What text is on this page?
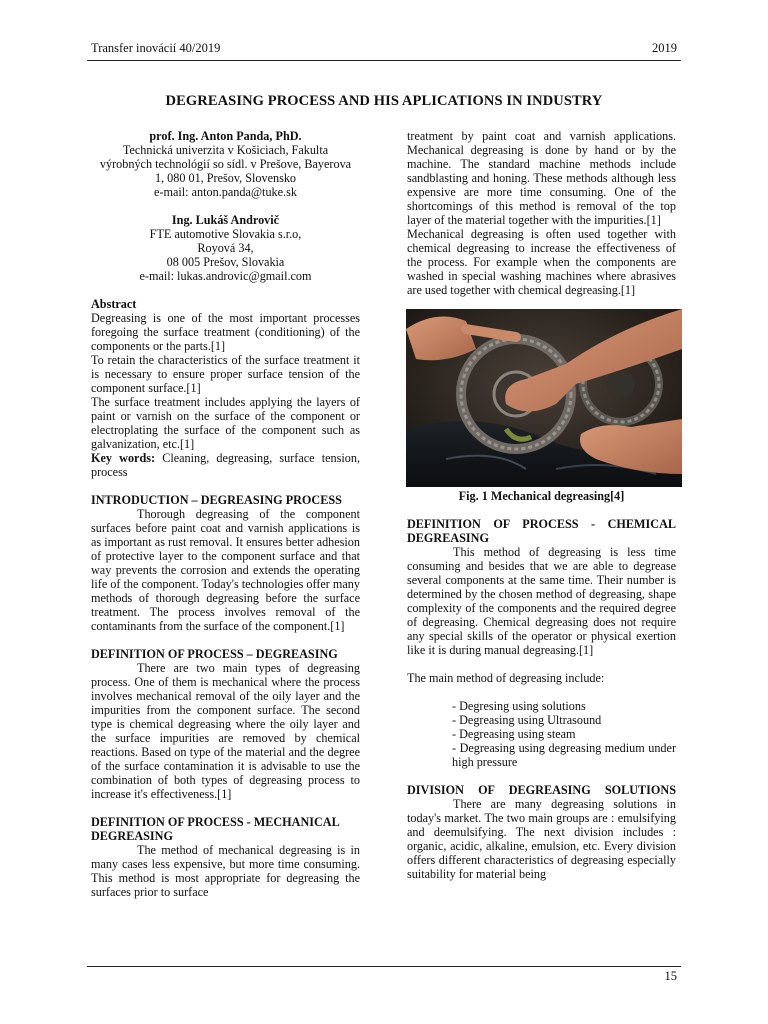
Transfer inovácií 40/2019	2019
DEGREASING PROCESS AND HIS APLICATIONS IN INDUSTRY
prof. Ing. Anton Panda, PhD.
Technická univerzita v Košiciach, Fakulta
výrobných technológií so sídl. v Prešove, Bayerova
1, 080 01, Prešov, Slovensko
e-mail: anton.panda@tuke.sk
Ing. Lukáš Androvič
FTE automotive Slovakia s.r.o,
Royová 34,
08 005 Prešov, Slovakia
e-mail: lukas.androvic@gmail.com
Abstract
Degreasing is one of the most important processes foregoing the surface treatment (conditioning) of the components or the parts.[1]
To retain the characteristics of the surface treatment it is necessary to ensure proper surface tension of the component surface.[1]
The surface treatment includes applying the layers of paint or varnish on the surface of the component or electroplating the surface of the component such as galvanization, etc.[1]
Key words: Cleaning, degreasing, surface tension, process
INTRODUCTION – DEGREASING PROCESS
Thorough degreasing of the component surfaces before paint coat and varnish applications is as important as rust removal. It ensures better adhesion of protective layer to the component surface and that way prevents the corrosion and extends the operating life of the component. Today's technologies offer many methods of thorough degreasing before the surface treatment. The process involves removal of the contaminants from the surface of the component.[1]
DEFINITION OF PROCESS – DEGREASING
There are two main types of degreasing process. One of them is mechanical where the process involves mechanical removal of the oily layer and the impurities from the component surface. The second type is chemical degreasing where the oily layer and the surface impurities are removed by chemical reactions. Based on type of the material and the degree of the surface contamination it is advisable to use the combination of both types of degreasing process to increase it's effectiveness.[1]
DEFINITION OF PROCESS - MECHANICAL
DEGREASING
The method of mechanical degreasing is in many cases less expensive, but more time consuming. This method is most appropriate for degreasing the surfaces prior to surface
treatment by paint coat and varnish applications. Mechanical degreasing is done by hand or by the machine. The standard machine methods include sandblasting and honing. These methods although less expensive are more time consuming. One of the shortcomings of this method is removal of the top layer of the material together with the impurities.[1]
Mechanical degreasing is often used together with chemical degreasing to increase the effectiveness of the process. For example when the components are washed in special washing machines where abrasives are used together with chemical degreasing.[1]
Fig. 1 Mechanical degreasing[4]
DEFINITION OF PROCESS - CHEMICAL
DEGREASING
This method of degreasing is less time consuming and besides that we are able to degrease several components at the same time. Their number is determined by the chosen method of degreasing, shape complexity of the components and the required degree of degreasing. Chemical degreasing does not require any special skills of the operator or physical exertion like it is during manual degreasing.[1]
The main method of degreasing include:
- Degresing using solutions
- Degreasing using Ultrasound
- Degreasing using steam
- Degreasing using degreasing medium under high pressure
DIVISION OF DEGREASING SOLUTIONS
There are many degreasing solutions in today's market. The two main groups are : emulsifying and deemulsifying. The next division includes : organic, acidic, alkaline, emulsion, etc. Every division offers different characteristics of degreasing especially suitability for material being
15
